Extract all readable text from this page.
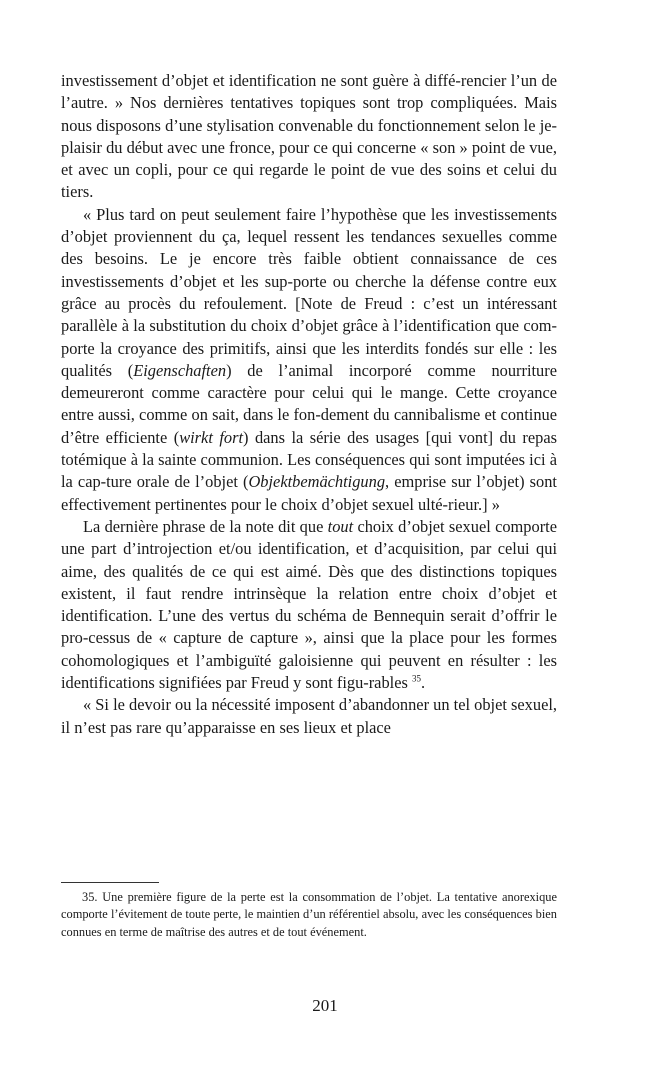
investissement d’objet et identification ne sont guère à diffé-rencier l’un de l’autre. » Nos dernières tentatives topiques sont trop compliquées. Mais nous disposons d’une stylisation convenable du fonctionnement selon le je-plaisir du début avec une fronce, pour ce qui concerne « son » point de vue, et avec un copli, pour ce qui regarde le point de vue des soins et celui du tiers.

« Plus tard on peut seulement faire l’hypothèse que les investissements d’objet proviennent du ça, lequel ressent les tendances sexuelles comme des besoins. Le je encore très faible obtient connaissance de ces investissements d’objet et les sup-porte ou cherche la défense contre eux grâce au procès du refoulement. [Note de Freud : c’est un intéressant parallèle à la substitution du choix d’objet grâce à l’identification que com-porte la croyance des primitifs, ainsi que les interdits fondés sur elle : les qualités (Eigenschaften) de l’animal incorporé comme nourriture demeureront comme caractère pour celui qui le mange. Cette croyance entre aussi, comme on sait, dans le fon-dement du cannibalisme et continue d’être efficiente (wirkt fort) dans la série des usages [qui vont] du repas totémique à la sainte communion. Les conséquences qui sont imputées ici à la cap-ture orale de l’objet (Objektbemächtigung, emprise sur l’objet) sont effectivement pertinentes pour le choix d’objet sexuel ulté-rieur.] »

La dernière phrase de la note dit que tout choix d’objet sexuel comporte une part d’introjection et/ou identification, et d’acquisition, par celui qui aime, des qualités de ce qui est aimé. Dès que des distinctions topiques existent, il faut rendre intrinsèque la relation entre choix d’objet et identification. L’une des vertus du schéma de Bennequin serait d’offrir le pro-cessus de « capture de capture », ainsi que la place pour les formes cohomologiques et l’ambiguïté galoisienne qui peuvent en résulter : les identifications signifiées par Freud y sont figu-rables $^{35}$.

« Si le devoir ou la nécessité imposent d’abandonner un tel objet sexuel, il n’est pas rare qu’apparaisse en ses lieux et place

35. Une première figure de la perte est la consommation de l’objet. La tentative anorexique comporte l’évitement de toute perte, le maintien d’un référentiel absolu, avec les conséquences bien connues en terme de maîtrise des autres et de tout événement.

201
